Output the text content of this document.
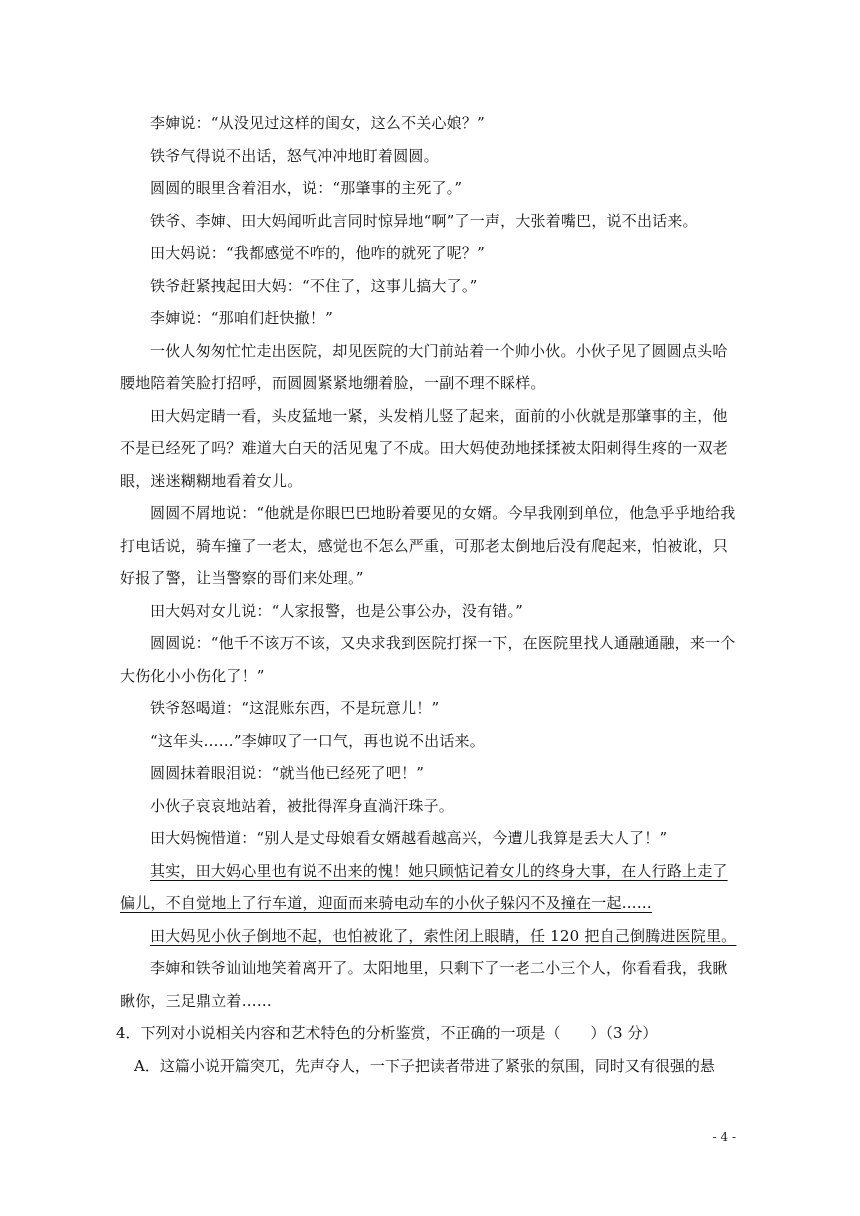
李婶说：“从没见过这样的闺女，这么不关心娘？”

铁爷气得说不出话，怒气冲冲地盯着圆圆。

圆圆的眼里含着泪水，说：“那肇事的主死了。”

铁爷、李婶、田大妈闻听此言同时惊异地“啊”了一声，大张着嘴巴，说不出话来。

田大妈说：“我都感觉不咋的，他咋的就死了呢？”

铁爷赶紧拽起田大妈：“不住了，这事儿搞大了。”

李婶说：“那咱们赶快撤！”

一伙人匆匆忙忙走出医院，却见医院的大门前站着一个帅小伙。小伙子见了圆圆点头哈腰地陪着笑脸打招呼，而圆圆紧紧地绷着脸，一副不理不睬样。

田大妈定睛一看，头皮猛地一紧，头发梢儿竖了起来，面前的小伙就是那肇事的主，他不是已经死了吗？难道大白天的活见鬼了不成。田大妈使劲地揉揉被太阳刺得生疼的一双老眼，迷迷糊糊地看着女儿。

圆圆不屑地说：“他就是你眼巴巴地盼着要见的女婿。今早我刚到单位，他急乎乎地给我打电话说，骑车撞了一老太，感觉也不怎么严重，可那老太倒地后没有爬起来，怕被讹，只好报了警，让当警察的哥们来处理。”

田大妈对女儿说：“人家报警，也是公事公办，没有错。”

圆圆说：“他千不该万不该，又央求我到医院打探一下，在医院里找人通融通融，来一个大伤化小小伤化了！”

铁爷怒喝道：“这混账东西，不是玩意儿！”

“这年头……”李婶叹了一口气，再也说不出话来。

圆圆抹着眼泪说：“就当他已经死了吧！”

小伙子哀哀地站着，被批得浑身直淌汗珠子。

田大妈惋惜道：“别人是丈母娘看女婿越看越高兴，今遭儿我算是丢大人了！”

其实，田大妈心里也有说不出来的愧！她只顾惦记着女儿的终身大事，在人行路上走了偏儿，不自觉地上了行车道，迎面而来骑电动车的小伙子躲闪不及撞在一起……

田大妈见小伙子倒地不起，也怕被讹了，索性闭上眼睛，任 120 把自己倒腾进医院里。

李婶和铁爷讪讪地笑着离开了。太阳地里，只剩下了一老二小三个人，你看看我，我瞅瞅你，三足鼎立着……

4．下列对小说相关内容和艺术特色的分析鉴赏，不正确的一项是（　　）（3 分）

A．这篇小说开篇突兀，先声夺人，一下子把读者带进了紧张的氛围，同时又有很强的悬

- 4 -
